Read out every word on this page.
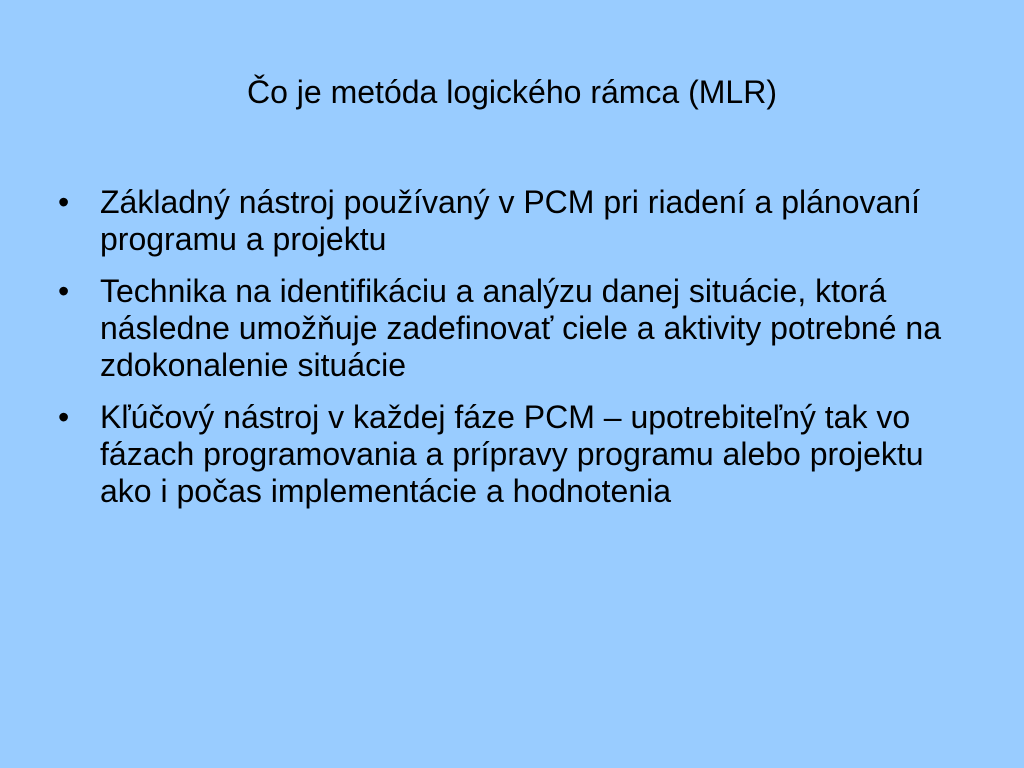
Čo je metóda logického rámca (MLR)
• Základný nástroj používaný v PCM pri riadení a plánovaní programu a projektu
• Technika na identifikáciu a analýzu danej situácie, ktorá následne umožňuje zadefinovať ciele a aktivity potrebné na zdokonalenie situácie
• Kľúčový nástroj v každej fáze PCM – upotrebiteľný tak vo fázach programovania a prípravy programu alebo projektu ako i počas implementácie a hodnotenia
